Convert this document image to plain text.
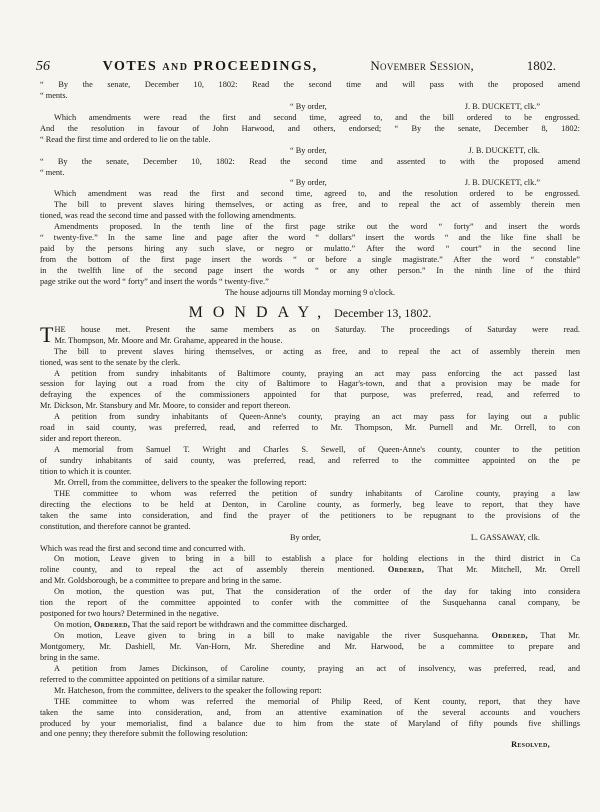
56	VOTES and PROCEEDINGS,	November Session,	1802.
“ By the senate, December 10, 1802: Read the second time and will pass with the proposed amend
“ ments.
“ By order,	J. B. DUCKETT, clk.”
Which amendments were read the first and second time, agreed to, and the bill ordered to be engrossed.
And the resolution in favour of John Harwood, and others, endorsed; “ By the senate, December 8, 1802:
“ Read the first time and ordered to lie on the table.
“ By order,	J. B. DUCKETT, clk.
“ By the senate, December 10, 1802: Read the second time and assented to with the proposed amend
“ ment.
“ By order,	J. B. DUCKETT, clk.”
Which amendment was read the first and second time, agreed to, and the resolution ordered to be engrossed.
The bill to prevent slaves hiring themselves, or acting as free, and to repeal the act of assembly therein men
tioned, was read the second time and passed with the following amendments.
Amendments proposed. In the tenth line of the first page strike out the word “ forty” and insert the words
“ twenty-five.” In the same line and page after the word “ dollars” insert the words “ and the like fine shall be
paid by the persons hiring any such slave, or negro or mulatto.” After the word “ court” in the second line
from the bottom of the first page insert the words “ or before a single magistrate.” After the word “ constable”
in the twelfth line of the second page insert the words “ or any other person.” In the ninth line of the third
page strike out the word “ forty” and insert the words “ twenty-five.”
The house adjourns till Monday morning 9 o'clock.
MONDAY, December 13, 1802.
THE house met. Present the same members as on Saturday. The proceedings of Saturday were read.
Mr. Thompson, Mr. Moore and Mr. Grahame, appeared in the house.
The bill to prevent slaves hiring themselves, or acting as free, and to repeal the act of assembly therein men
tioned, was sent to the senate by the clerk.
A petition from sundry inhabitants of Baltimore county, praying an act may pass enforcing the act passed last
session for laying out a road from the city of Baltimore to Hagar's-town, and that a provision may be made for
defraying the expences of the commissioners appointed for that purpose, was preferred, read, and referred to
Mr. Dickson, Mr. Stansbury and Mr. Moore, to consider and report thereon.
A petition from sundry inhabitants of Queen-Anne's county, praying an act may pass for laying out a public
road in said county, was preferred, read, and referred to Mr. Thompson, Mr. Purnell and Mr. Orrell, to con
sider and report thereon.
A memorial from Samuel T. Wright and Charles S. Sewell, of Queen-Anne's county, counter to the petition
of sundry inhabitants of said county, was preferred, read, and referred to the committee appointed on the pe
tition to which it is counter.
Mr. Orrell, from the committee, delivers to the speaker the following report:
THE committee to whom was referred the petition of sundry inhabitants of Caroline county, praying a law
directing the elections to be held at Denton, in Caroline county, as formerly, beg leave to report, that they have
taken the same into consideration, and find the prayer of the petitioners to be repugnant to the provisions of the
constitution, and therefore cannot be granted.
By order,	L. GASSAWAY, clk.
Which was read the first and second time and concurred with.
On motion, Leave given to bring in a bill to establish a place for holding elections in the third district in Ca
roline county, and to repeal the act of assembly therein mentioned. Ordered, That Mr. Mitchell, Mr. Orrell
and Mr. Goldsborough, be a committee to prepare and bring in the same.
On motion, the question was put, That the consideration of the order of the day for taking into considera
tion the report of the committee appointed to confer with the committee of the Susquehanna canal company, be
postponed for two hours? Determined in the negative.
On motion, Ordered, That the said report be withdrawn and the committee discharged.
On motion, Leave given to bring in a bill to make navigable the river Susquehanna. Ordered, That Mr.
Montgomery, Mr. Dashiell, Mr. Van-Horn, Mr. Sheredine and Mr. Harwood, be a committee to prepare and
bring in the same.
A petition from James Dickinson, of Caroline county, praying an act of insolvency, was preferred, read, and
referred to the committee appointed on petitions of a similar nature.
Mr. Hatcheson, from the committee, delivers to the speaker the following report:
THE committee to whom was referred the memorial of Philip Reed, of Kent county, report, that they have
taken the same into consideration, and, from an attentive examination of the several accounts and vouchers
produced by your memorialist, find a balance due to him from the state of Maryland of fifty pounds five shillings
and one penny; they therefore submit the following resolution:
Resolved,
